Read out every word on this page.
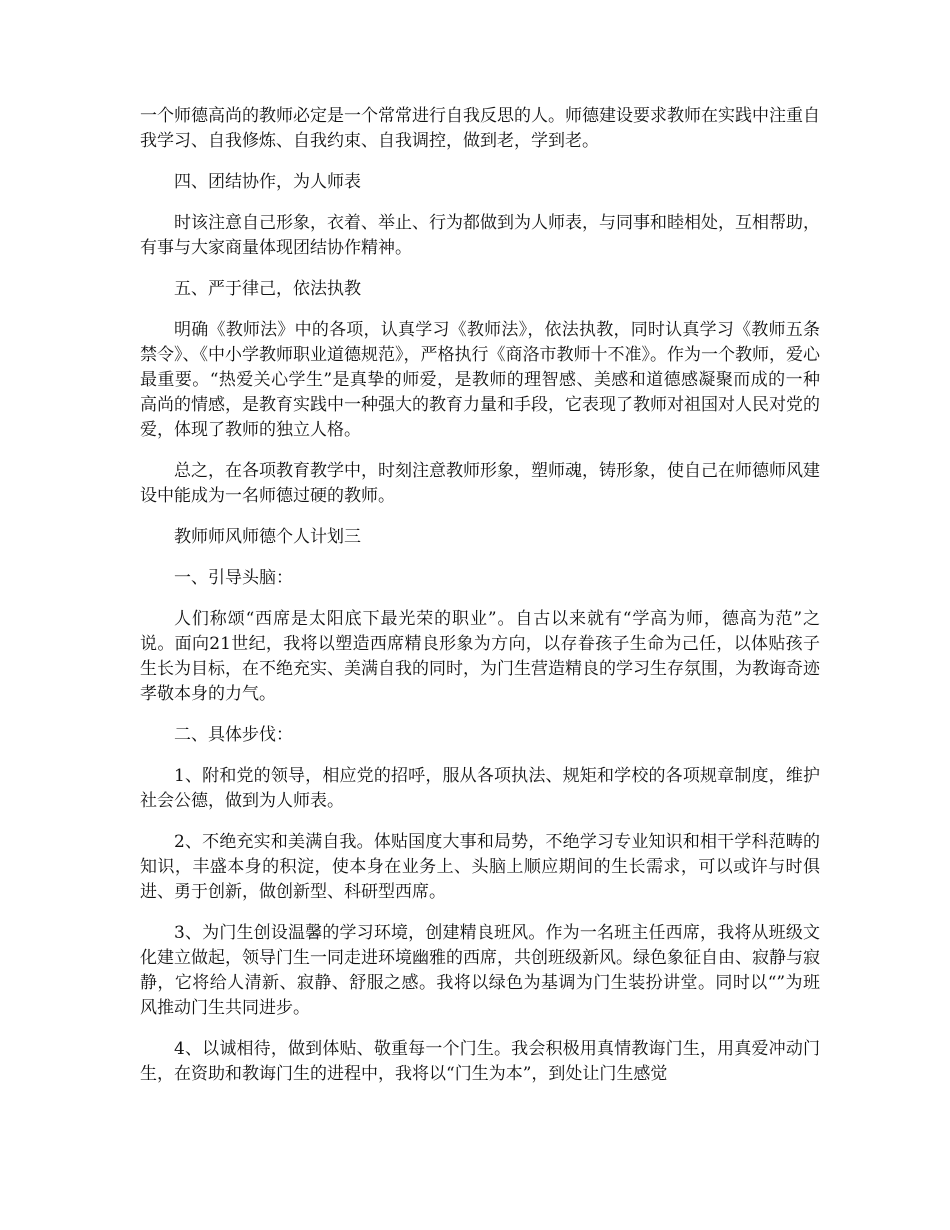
一个师德高尚的教师必定是一个常常进行自我反思的人。师德建设要求教师在实践中注重自我学习、自我修炼、自我约束、自我调控，做到老，学到老。

四、团结协作，为人师表

时该注意自己形象，衣着、举止、行为都做到为人师表，与同事和睦相处，互相帮助，有事与大家商量体现团结协作精神。

五、严于律己，依法执教

明确《教师法》中的各项，认真学习《教师法》，依法执教，同时认真学习《教师五条禁令》、《中小学教师职业道德规范》，严格执行《商洛市教师十不准》。作为一个教师，爱心最重要。“热爱关心学生”是真挚的师爱，是教师的理智感、美感和道德感凝聚而成的一种高尚的情感，是教育实践中一种强大的教育力量和手段，它表现了教师对祖国对人民对党的爱，体现了教师的独立人格。

总之，在各项教育教学中，时刻注意教师形象，塑师魂，铸形象，使自己在师德师风建设中能成为一名师德过硬的教师。

教师师风师德个人计划三

一、引导头脑：

人们称颂“西席是太阳底下最光荣的职业”。自古以来就有“学高为师，德高为范”之说。面向21世纪，我将以塑造西席精良形象为方向，以存眷孩子生命为己任，以体贴孩子生长为目标，在不绝充实、美满自我的同时，为门生营造精良的学习生存氛围，为教诲奇迹孝敬本身的力气。

二、具体步伐：

1、附和党的领导，相应党的招呼，服从各项执法、规矩和学校的各项规章制度，维护社会公德，做到为人师表。

2、不绝充实和美满自我。体贴国度大事和局势，不绝学习专业知识和相干学科范畴的知识，丰盛本身的积淀，使本身在业务上、头脑上顺应期间的生长需求，可以或许与时俱进、勇于创新，做创新型、科研型西席。

3、为门生创设温馨的学习环境，创建精良班风。作为一名班主任西席，我将从班级文化建立做起，领导门生一同走进环境幽雅的西席，共创班级新风。绿色象征自由、寂静与寂静，它将给人清新、寂静、舒服之感。我将以绿色为基调为门生装扮讲堂。同时以“”为班风推动门生共同进步。

4、以诚相待，做到体贴、敬重每一个门生。我会积极用真情教诲门生，用真爱冲动门生，在资助和教诲门生的进程中，我将以“门生为本”，到处让门生感觉
